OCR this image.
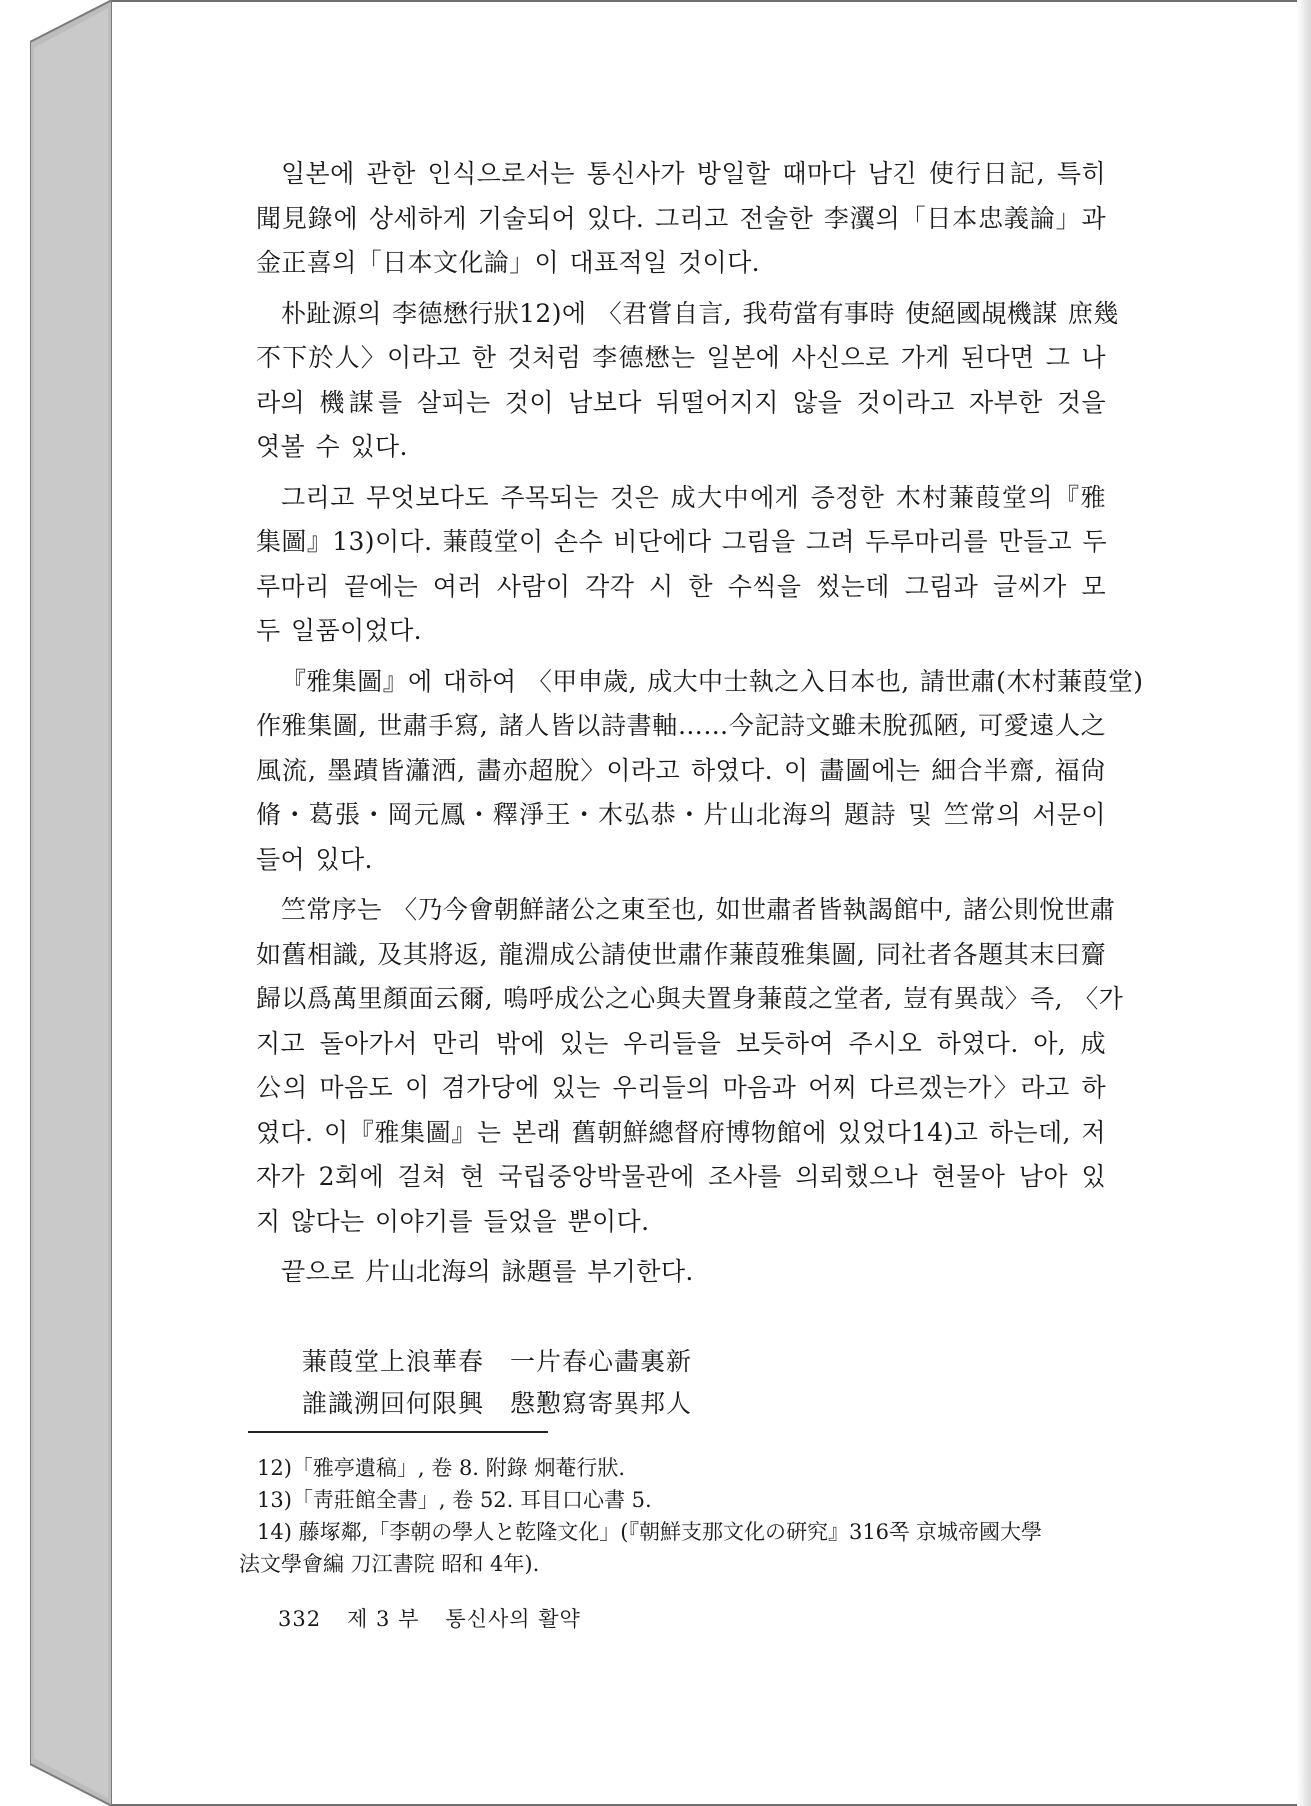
일본에 관한 인식으로서는 통신사가 방일할 때마다 남긴 使行日記, 특히
聞見錄에 상세하게 기술되어 있다. 그리고 전술한 李瀷의「日本忠義論」과
金正喜의「日本文化論」이 대표적일 것이다.

朴趾源의 李德懋行狀12)에 〈君嘗自言, 我苟當有事時 使絕國覘機謀 庶幾
不下於人〉이라고 한 것처럼 李德懋는 일본에 사신으로 가게 된다면 그 나
라의 機謀를 살피는 것이 남보다 뒤떨어지지 않을 것이라고 자부한 것을
엿볼 수 있다.

그리고 무엇보다도 주목되는 것은 成大中에게 증정한 木村蒹葭堂의『雅
集圖』13)이다. 蒹葭堂이 손수 비단에다 그림을 그려 두루마리를 만들고 두
루마리 끝에는 여러 사람이 각각 시 한 수씩을 썼는데 그림과 글씨가 모
두 일품이었다.

『雅集圖』에 대하여 〈甲申歲, 成大中士執之入日本也, 請世肅(木村蒹葭堂)
作雅集圖, 世肅手寫, 諸人皆以詩書軸……今記詩文雖未脫孤陋, 可愛遠人之
風流, 墨蹟皆瀟洒, 畵亦超脫〉이라고 하였다. 이 畵圖에는 細合半齋, 福尙
脩・葛張・岡元鳳・釋淨王・木弘恭・片山北海의 題詩 및 竺常의 서문이
들어 있다.

竺常序는 〈乃今會朝鮮諸公之東至也, 如世肅者皆執謁館中, 諸公則悅世肅
如舊相識, 及其將返, 龍淵成公請使世肅作蒹葭雅集圖, 同社者各題其末曰齎
歸以爲萬里顏面云爾, 嗚呼成公之心與夫置身蒹葭之堂者, 豈有異哉〉즉, 〈가
지고 돌아가서 만리 밖에 있는 우리들을 보듯하여 주시오 하였다. 아, 成
公의 마음도 이 겸가당에 있는 우리들의 마음과 어찌 다르겠는가〉라고 하
였다. 이『雅集圖』는 본래 舊朝鮮總督府博物館에 있었다14)고 하는데, 저
자가 2회에 걸쳐 현 국립중앙박물관에 조사를 의뢰했으나 현물아 남아 있
지 않다는 이야기를 들었을 뿐이다.

끝으로 片山北海의 詠題를 부기한다.

蒹葭堂上浪華春　一片春心畵裏新
誰識溯回何限興　慇懃寫寄異邦人
12)「雅亭遺稿」, 卷 8. 附錄 炯菴行狀.
13)「靑莊館全書」, 卷 52. 耳目口心書 5.
14) 藤塚鄰,「李朝の學人と乾隆文化」(『朝鮮支那文化の硏究』316쪽 京城帝國大學
法文學會編 刀江書院 昭和 4年).
332 제 3 부 통신사의 활약
